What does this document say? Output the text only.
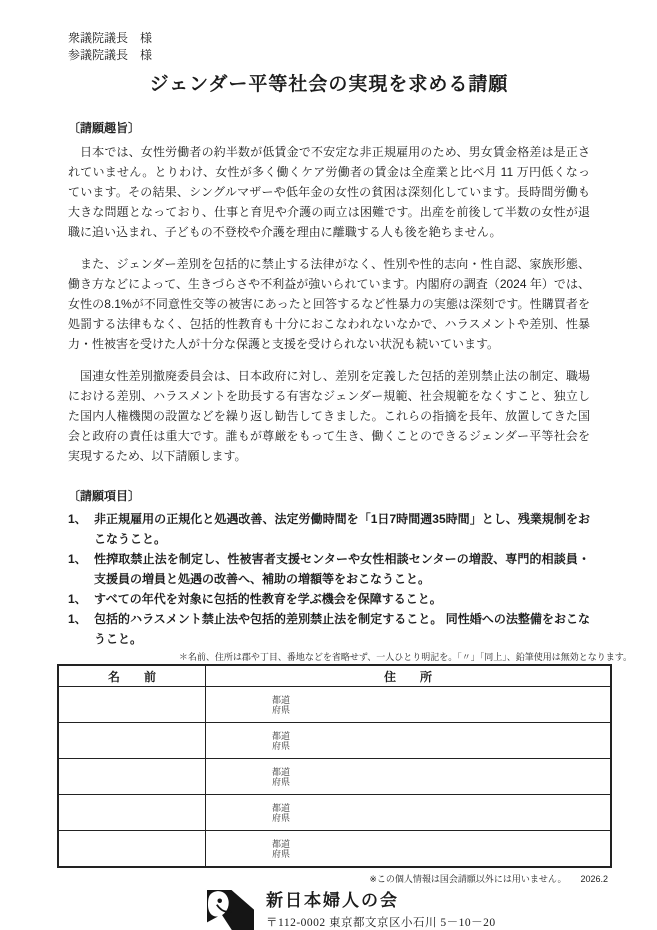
衆議院議長　様
参議院議長　様
ジェンダー平等社会の実現を求める請願
〔請願趣旨〕

日本では、女性労働者の約半数が低賃金で不安定な非正規雇用のため、男女賃金格差は是正されていません。とりわけ、女性が多く働くケア労働者の賃金は全産業と比べ月 11 万円低くなっています。その結果、シングルマザーや低年金の女性の貧困は深刻化しています。長時間労働も大きな問題となっており、仕事と育児や介護の両立は困難です。出産を前後して半数の女性が退職に追い込まれ、子どもの不登校や介護を理由に離職する人も後を絶ちません。

また、ジェンダー差別を包括的に禁止する法律がなく、性別や性的志向・性自認、家族形態、働き方などによって、生きづらさや不利益が強いられています。内閣府の調査（2024 年）では、女性の8.1%が不同意性交等の被害にあったと回答するなど性暴力の実態は深刻です。性購買者を処罰する法律もなく、包括的性教育も十分におこなわれないなかで、ハラスメントや差別、性暴力・性被害を受けた人が十分な保護と支援を受けられない状況も続いています。

国連女性差別撤廃委員会は、日本政府に対し、差別を定義した包括的差別禁止法の制定、職場における差別、ハラスメントを助長する有害なジェンダー規範、社会規範をなくすこと、独立した国内人権機関の設置などを繰り返し勧告してきました。これらの指摘を長年、放置してきた国会と政府の責任は重大です。誰もが尊厳をもって生き、働くことのできるジェンダー平等社会を実現するため、以下請願します。

〔請願項目〕
1、 非正規雇用の正規化と処遇改善、法定労働時間を「1日7時間週35時間」とし、残業規制をおこなうこと。
1、 性搾取禁止法を制定し、性被害者支援センターや女性相談センターの増設、専門的相談員・支援員の増員と処遇の改善へ、補助の増額等をおこなうこと。
1、 すべての年代を対象に包括的性教育を学ぶ機会を保障すること。
1、 包括的ハラスメント禁止法や包括的差別禁止法を制定すること。 同性婚への法整備をおこなうこと。
＊名前、住所は郡や丁目、番地などを省略せず、一人ひとり明記を。「〃」「同上」、鉛筆使用は無効となります。
名　　前	住　　所
都道
府県
都道
府県
都道
府県
都道
府県
都道
府県
※この個人情報は国会請願以外には用いません。 2026.2
新日本婦人の会
〒112-0002 東京都文京区小石川 5－10－20
